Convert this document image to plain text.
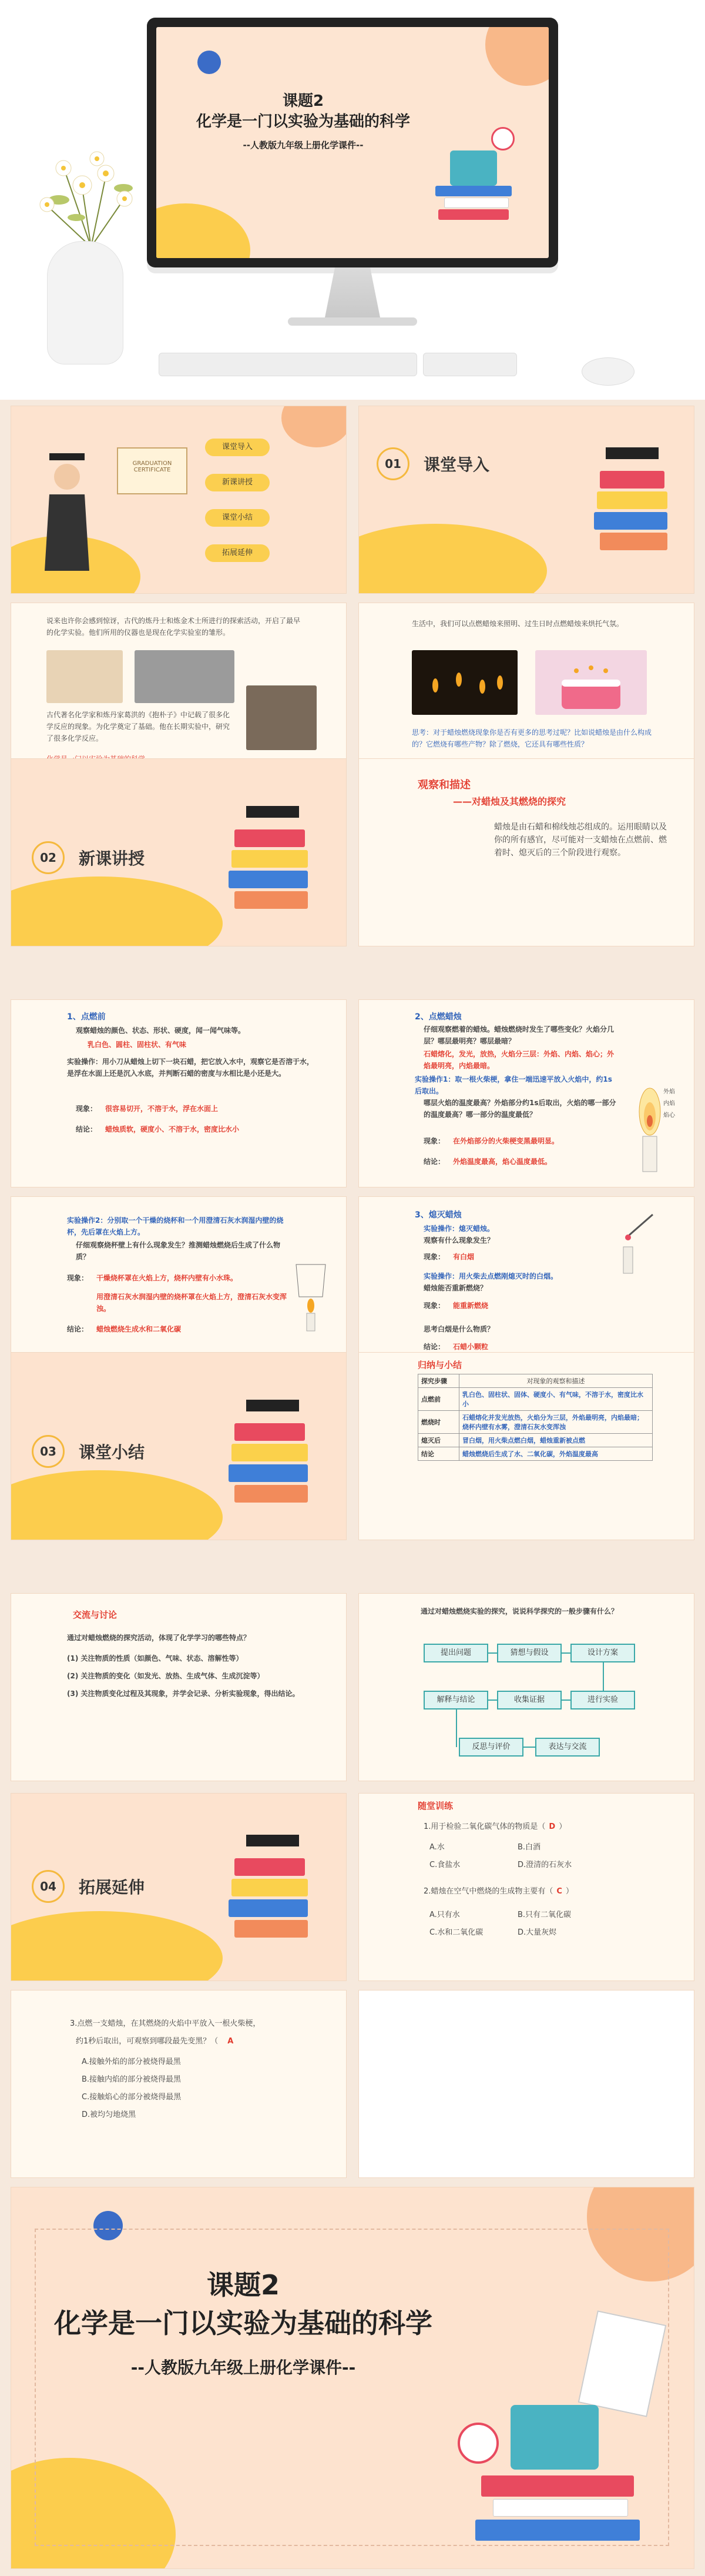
课题2
化学是一门以实验为基础的科学
--人教版九年级上册化学课件--
GRADUATION CERTIFICATE
课堂导入
新课讲授
课堂小结
拓展延伸
01	课堂导入
说来也许你会感到惊讶，古代的炼丹士和炼金术士所进行的探索活动，开启了最早的化学实验。他们所用的仪器也是现在化学实验室的雏形。
古代著名化学家和炼丹家葛洪的《抱朴子》中记载了很多化学反应的现象。为化学奠定了基础。他在长期实验中，研究了很多化学反应。
生活中，我们可以点燃蜡烛来照明、过生日时点燃蜡烛来烘托气氛。
思考：对于蜡烛燃烧现象你是否有更多的思考过呢？比如说蜡烛是由什么构成的？它燃烧有哪些产物？除了燃烧，它还具有哪些性质？
02	新课讲授
观察和描述
——对蜡烛及其燃烧的探究
蜡烛是由石蜡和棉线烛芯组成的。运用眼睛以及你的所有感官，尽可能对一支蜡烛在点燃前、燃着时、熄灭后的三个阶段进行观察。
1、点燃前
观察蜡烛的颜色、状态、形状、硬度，闻一闻气味等。
乳白色、圆柱、固柱状、有气味
实验操作：用小刀从蜡烛上切下一块石蜡，把它放入水中，观察它是否溶于水，是浮在水面上还是沉入水底，并判断石蜡的密度与水相比是小还是大。
现象： 很容易切开，不溶于水，浮在水面上
结论： 蜡烛质软，硬度小、不溶于水，密度比水小
2、点燃蜡烛
仔细观察燃着的蜡烛。蜡烛燃烧时发生了哪些变化？火焰分几层？哪层最明亮？哪层最暗？
石蜡熔化，发光，放热，火焰分三层：外焰、内焰、焰心；外焰最明亮，内焰最暗。
实验操作1：取一根火柴梗，拿住一端迅速平放入火焰中，约1s后取出。
哪层火焰的温度最高？外焰部分约1s后取出，火焰的哪一部分的温度最高？哪一部分的温度最低？
现象： 在外焰部分的火柴梗变黑最明显。
结论： 外焰温度最高，焰心温度最低。
外焰
内焰
焰心
实验操作2：分别取一个干燥的烧杯和一个用澄清石灰水润湿内壁的烧杯，先后罩在火焰上方。
仔细观察烧杯壁上有什么现象发生？推测蜡烛燃烧后生成了什么物质？
现象： 干燥烧杯罩在火焰上方，烧杯内壁有小水珠。
用澄清石灰水润湿内壁的烧杯罩在火焰上方，澄清石灰水变浑浊。
结论： 蜡烛燃烧生成水和二氧化碳
3、熄灭蜡烛
实验操作：熄灭蜡烛。
观察有什么现象发生？
现象： 有白烟
实验操作：用火柴去点燃刚熄灭时的白烟。
蜡烛能否重新燃烧？
现象： 能重新燃烧
思考白烟是什么物质？
结论： 石蜡小颗粒
03	课堂小结
归纳与小结
探究步骤	对现象的观察和描述
点燃前	乳白色、固柱状、固体、硬度小、有气味，不溶于水，密度比水小
燃烧时	石蜡熔化并发光放热，火焰分为三层，外焰最明亮，内焰最暗；烧杯内壁有水雾，澄清石灰水变浑浊
熄灭后	冒白烟，用火柴点燃白烟，蜡烛重新被点燃
结论	蜡烛燃烧后生成了水、二氧化碳，外焰温度最高
交流与讨论
通过对蜡烛燃烧的探究活动，体现了化学学习的哪些特点？
(1) 关注物质的性质（如颜色、气味、状态、溶解性等）
(2) 关注物质的变化（如发光、放热、生成气体、生成沉淀等）
(3) 关注物质变化过程及其现象，并学会记录、分析实验现象，得出结论。
通过对蜡烛燃烧实验的探究，说说科学探究的一般步骤有什么？
提出问题	猜想与假设	设计方案
解释与结论	收集证据	进行实验
反思与评价	表达与交流
04	拓展延伸
随堂训练
1.用于检验二氧化碳气体的物质是（ D ）
A.水	B.白酒
C.食盐水	D.澄清的石灰水
2.蜡烛在空气中燃烧的生成物主要有（ C ）
A.只有水	B.只有二氧化碳
C.水和二氧化碳	D.大量灰烬
3.点燃一支蜡烛，在其燃烧的火焰中平放入一根火柴梗，
约1秒后取出，可观察到哪段最先变黑？（ A
A.接触外焰的部分被烧得最黑
B.接触内焰的部分被烧得最黑
C.接触焰心的部分被烧得最黑
D.被均匀地烧黑
课题2
化学是一门以实验为基础的科学
--人教版九年级上册化学课件--
